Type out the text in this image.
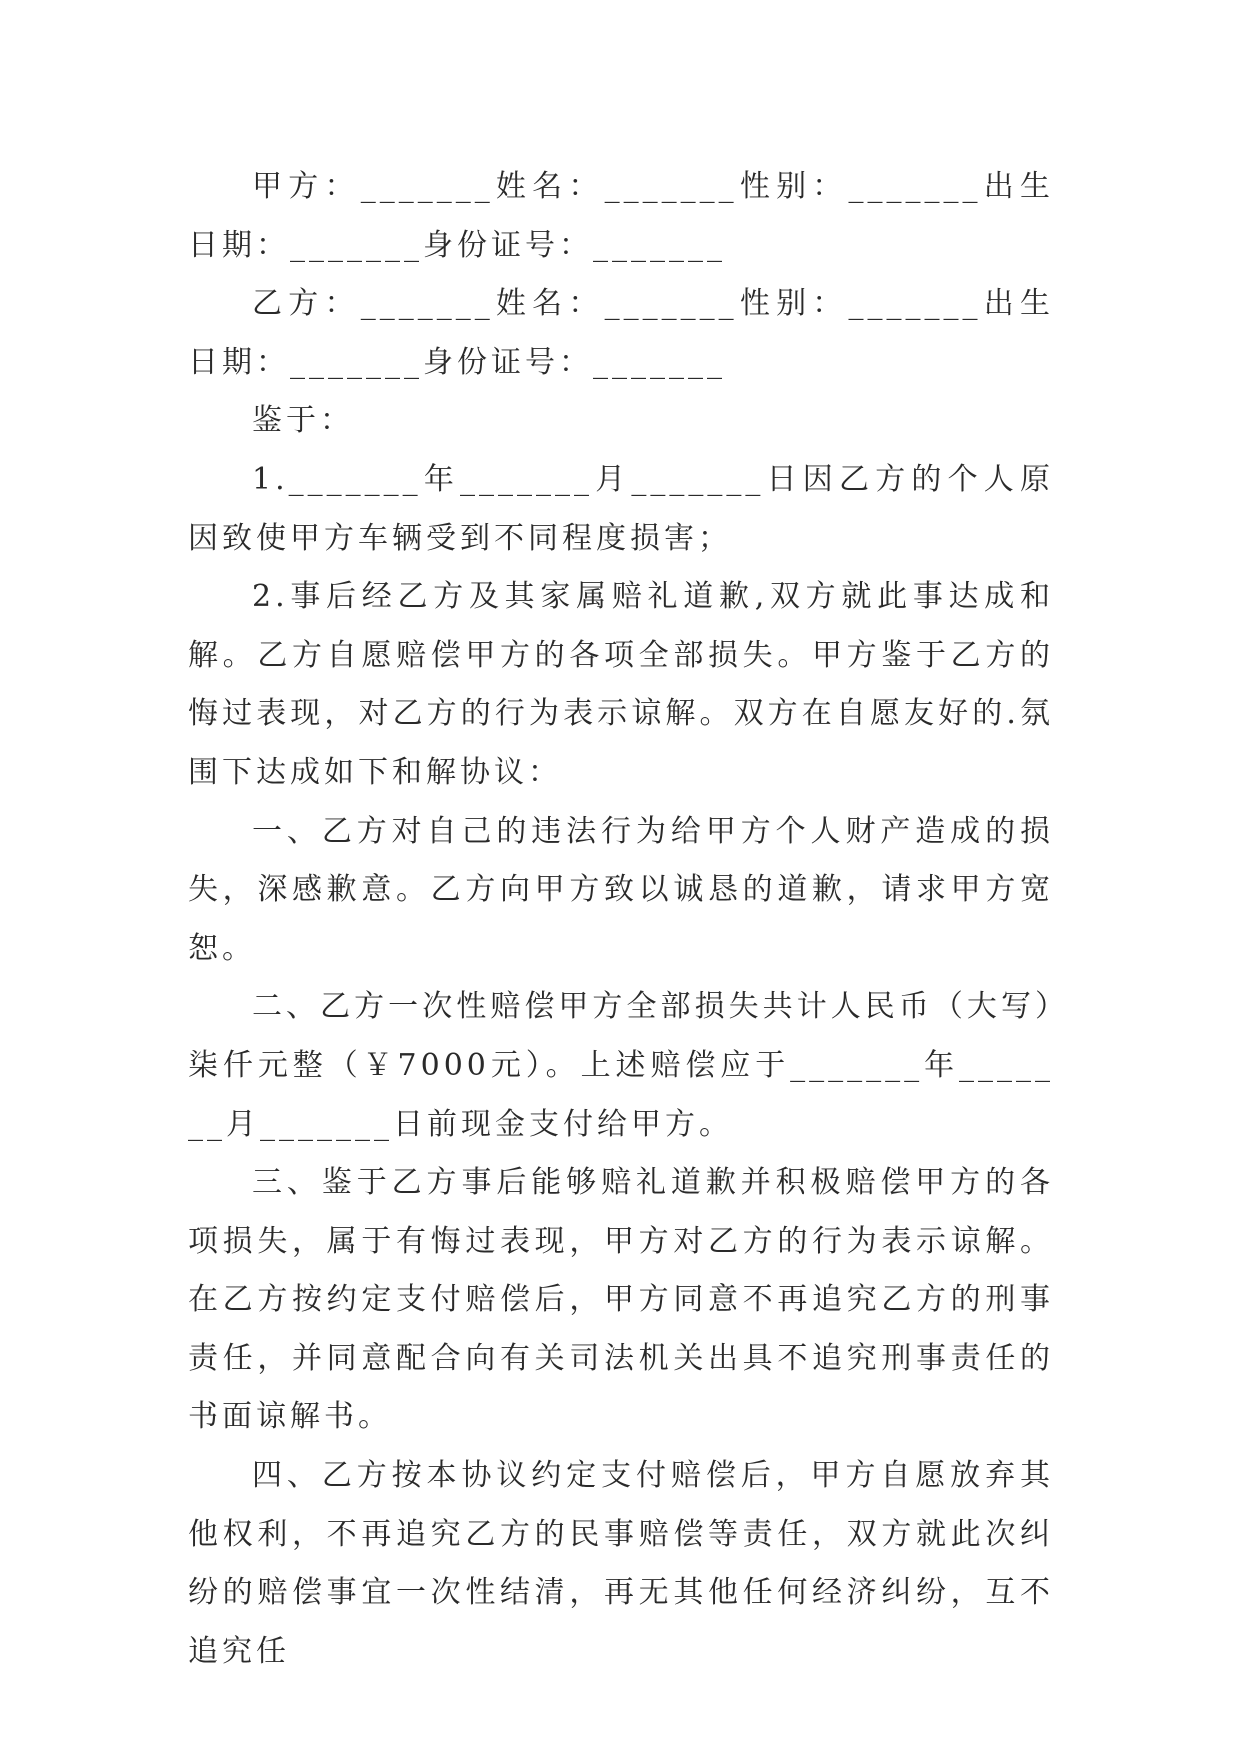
甲方：_______姓名：_______性别：_______出生日期：_______身份证号：_______

乙方：_______姓名：_______性别：_______出生日期：_______身份证号：_______

鉴于：

1._______年_______月_______日因乙方的个人原因致使甲方车辆受到不同程度损害；

2.事后经乙方及其家属赔礼道歉,双方就此事达成和解。乙方自愿赔偿甲方的各项全部损失。甲方鉴于乙方的悔过表现，对乙方的行为表示谅解。双方在自愿友好的.氛围下达成如下和解协议：

一、乙方对自己的违法行为给甲方个人财产造成的损失，深感歉意。乙方向甲方致以诚恳的道歉，请求甲方宽恕。

二、乙方一次性赔偿甲方全部损失共计人民币（大写）柒仟元整（￥7000元）。上述赔偿应于_______年_______月_______日前现金支付给甲方。

三、鉴于乙方事后能够赔礼道歉并积极赔偿甲方的各项损失，属于有悔过表现，甲方对乙方的行为表示谅解。在乙方按约定支付赔偿后，甲方同意不再追究乙方的刑事责任，并同意配合向有关司法机关出具不追究刑事责任的书面谅解书。

四、乙方按本协议约定支付赔偿后，甲方自愿放弃其他权利，不再追究乙方的民事赔偿等责任，双方就此次纠纷的赔偿事宜一次性结清，再无其他任何经济纠纷，互不追究任
